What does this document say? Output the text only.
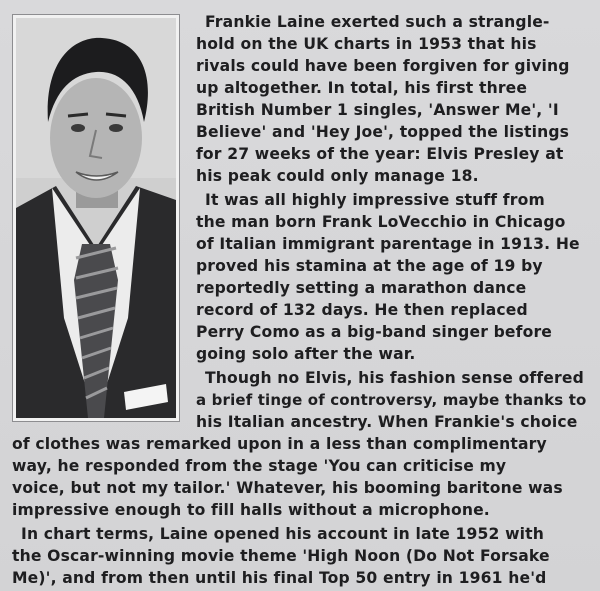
Frankie Laine exerted such a strangle-

hold on the UK charts in 1953 that his

rivals could have been forgiven for giving

up altogether. In total, his first three

British Number 1 singles, 'Answer Me', 'I

Believe' and 'Hey Joe', topped the listings

for 27 weeks of the year: Elvis Presley at

his peak could only manage 18.

It was all highly impressive stuff from

the man born Frank LoVecchio in Chicago

of Italian immigrant parentage in 1913. He

proved his stamina at the age of 19 by

reportedly setting a marathon dance

record of 132 days. He then replaced

Perry Como as a big-band singer before

going solo after the war.

Though no Elvis, his fashion sense offered

a brief tinge of controversy, maybe thanks to

his Italian ancestry. When Frankie's choice

of clothes was remarked upon in a less than complimentary

way, he responded from the stage 'You can criticise my

voice, but not my tailor.' Whatever, his booming baritone was

impressive enough to fill halls without a microphone.

In chart terms, Laine opened his account in late 1952 with

the Oscar-winning movie theme 'High Noon (Do Not Forsake

Me)', and from then until his final Top 50 entry in 1961 he'd
